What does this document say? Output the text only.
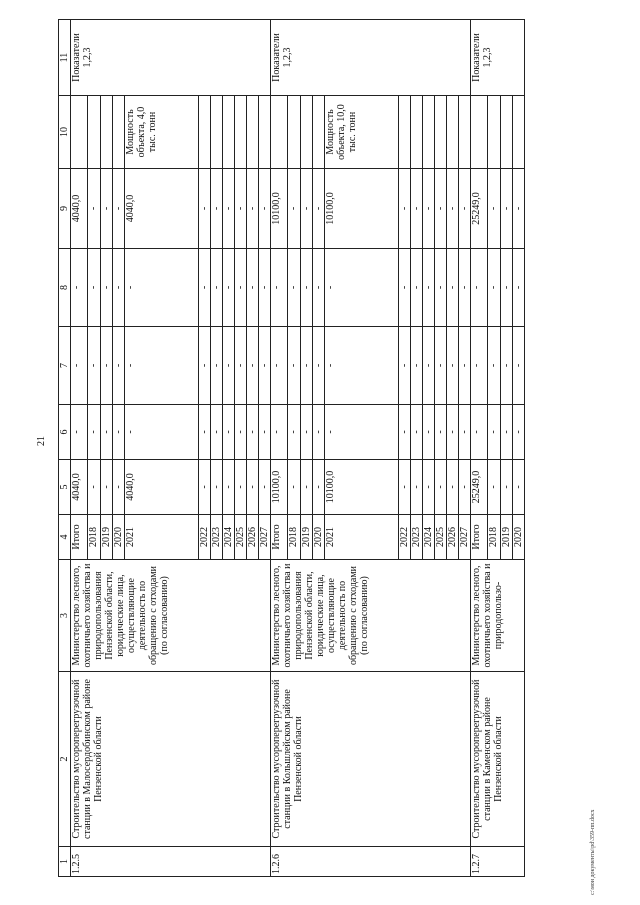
21
1	2	3	4	5	6	7	8	9	10	11
1.2.5	Строительство мусороперегрузочной станции в Малосердобинском районе Пензенской области	Министерство лесного, охотничьего хозяйства и природопользования Пензенской области, юридические лица, осуществляющие деятельность по обращению с отходами (по согласованию)	Итого	4040,0	-	-	-	4040,0		Показатели 1,2,3
			2018	-	-	-	-	-		
			2019	-	-	-	-	-		
			2020	-	-	-	-	-		
			2021	4040,0	-	-	-	4040,0	Мощность объекта, 4,0 тыс. тонн	
			2022	-	-	-	-	-		
			2023	-	-	-	-	-		
			2024	-	-	-	-	-		
			2025	-	-	-	-	-		
			2026	-	-	-	-	-		
			2027	-	-	-	-	-		
1.2.6	Строительство мусороперегрузочной станции в Кольшлейском районе Пензенской области	Министерство лесного, охотничьего хозяйства и природопользования Пензенской области, юридические лица, осуществляющие деятельность по обращению с отходами (по согласованию)	Итого	10100,0	-	-	-	10100,0		Показатели 1,2,3
			2018	-	-	-	-	-		
			2019	-	-	-	-	-		
			2020	-	-	-	-	-		
			2021	10100,0	-	-	-	10100,0	Мощность объекта, 10,0 тыс. тонн	
			2022	-	-	-	-	-		
			2023	-	-	-	-	-		
			2024	-	-	-	-	-		
			2025	-	-	-	-	-		
			2026	-	-	-	-	-		
			2027	-	-	-	-	-		
1.2.7	Строительство мусороперегрузочной станции в Каменском районе Пензенской области	Министерство лесного, охотничьего хозяйства и природопользо-	Итого	25249,0	-	-	-	25249,0		Показатели 1,2,3
			2018	-	-	-	-	-		
			2019	-	-	-	-	-		
			2020	-	-	-	-	-		
c:\мои документы\pd\359-пп.docx
